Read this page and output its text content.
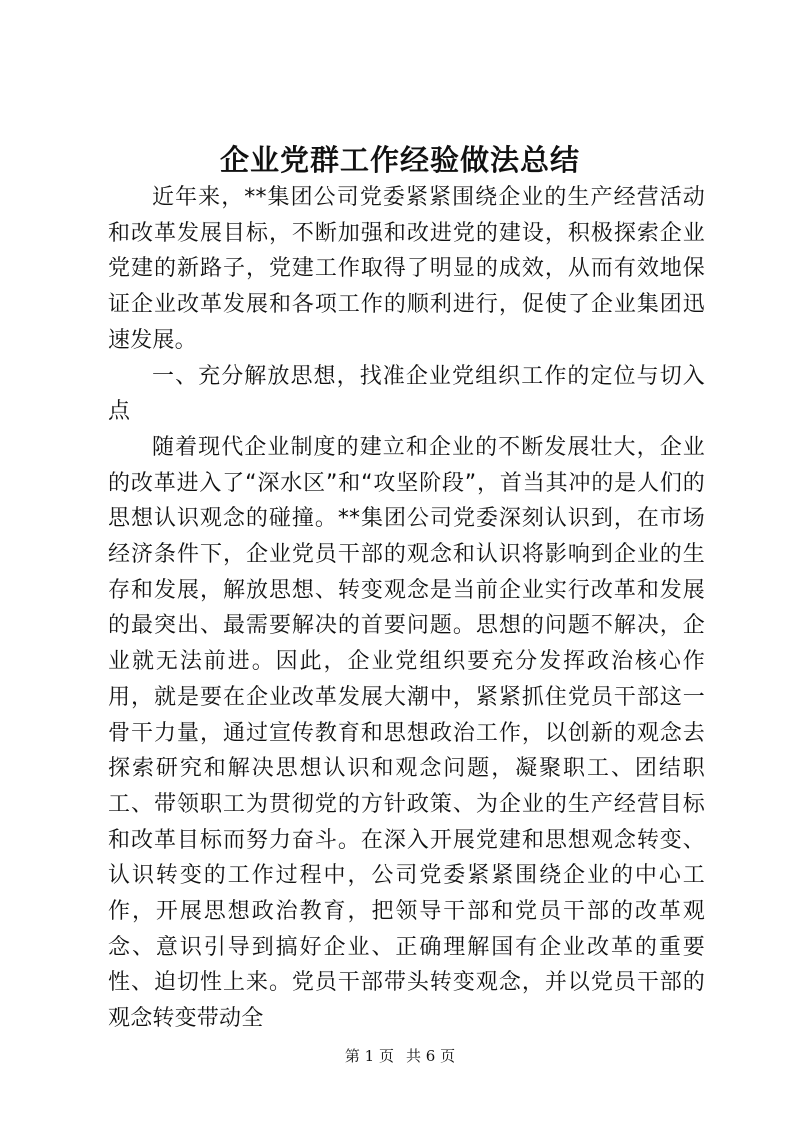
企业党群工作经验做法总结

近年来，**集团公司党委紧紧围绕企业的生产经营活动和改革发展目标，不断加强和改进党的建设，积极探索企业党建的新路子，党建工作取得了明显的成效，从而有效地保证企业改革发展和各项工作的顺利进行，促使了企业集团迅速发展。

一、充分解放思想，找准企业党组织工作的定位与切入点

随着现代企业制度的建立和企业的不断发展壮大，企业的改革进入了“深水区”和“攻坚阶段”，首当其冲的是人们的思想认识观念的碰撞。**集团公司党委深刻认识到，在市场经济条件下，企业党员干部的观念和认识将影响到企业的生存和发展，解放思想、转变观念是当前企业实行改革和发展的最突出、最需要解决的首要问题。思想的问题不解决，企业就无法前进。因此，企业党组织要充分发挥政治核心作用，就是要在企业改革发展大潮中，紧紧抓住党员干部这一骨干力量，通过宣传教育和思想政治工作，以创新的观念去探索研究和解决思想认识和观念问题，凝聚职工、团结职工、带领职工为贯彻党的方针政策、为企业的生产经营目标和改革目标而努力奋斗。在深入开展党建和思想观念转变、认识转变的工作过程中，公司党委紧紧围绕企业的中心工作，开展思想政治教育，把领导干部和党员干部的改革观念、意识引导到搞好企业、正确理解国有企业改革的重要性、迫切性上来。党员干部带头转变观念，并以党员干部的观念转变带动全

第 1 页 共 6 页
